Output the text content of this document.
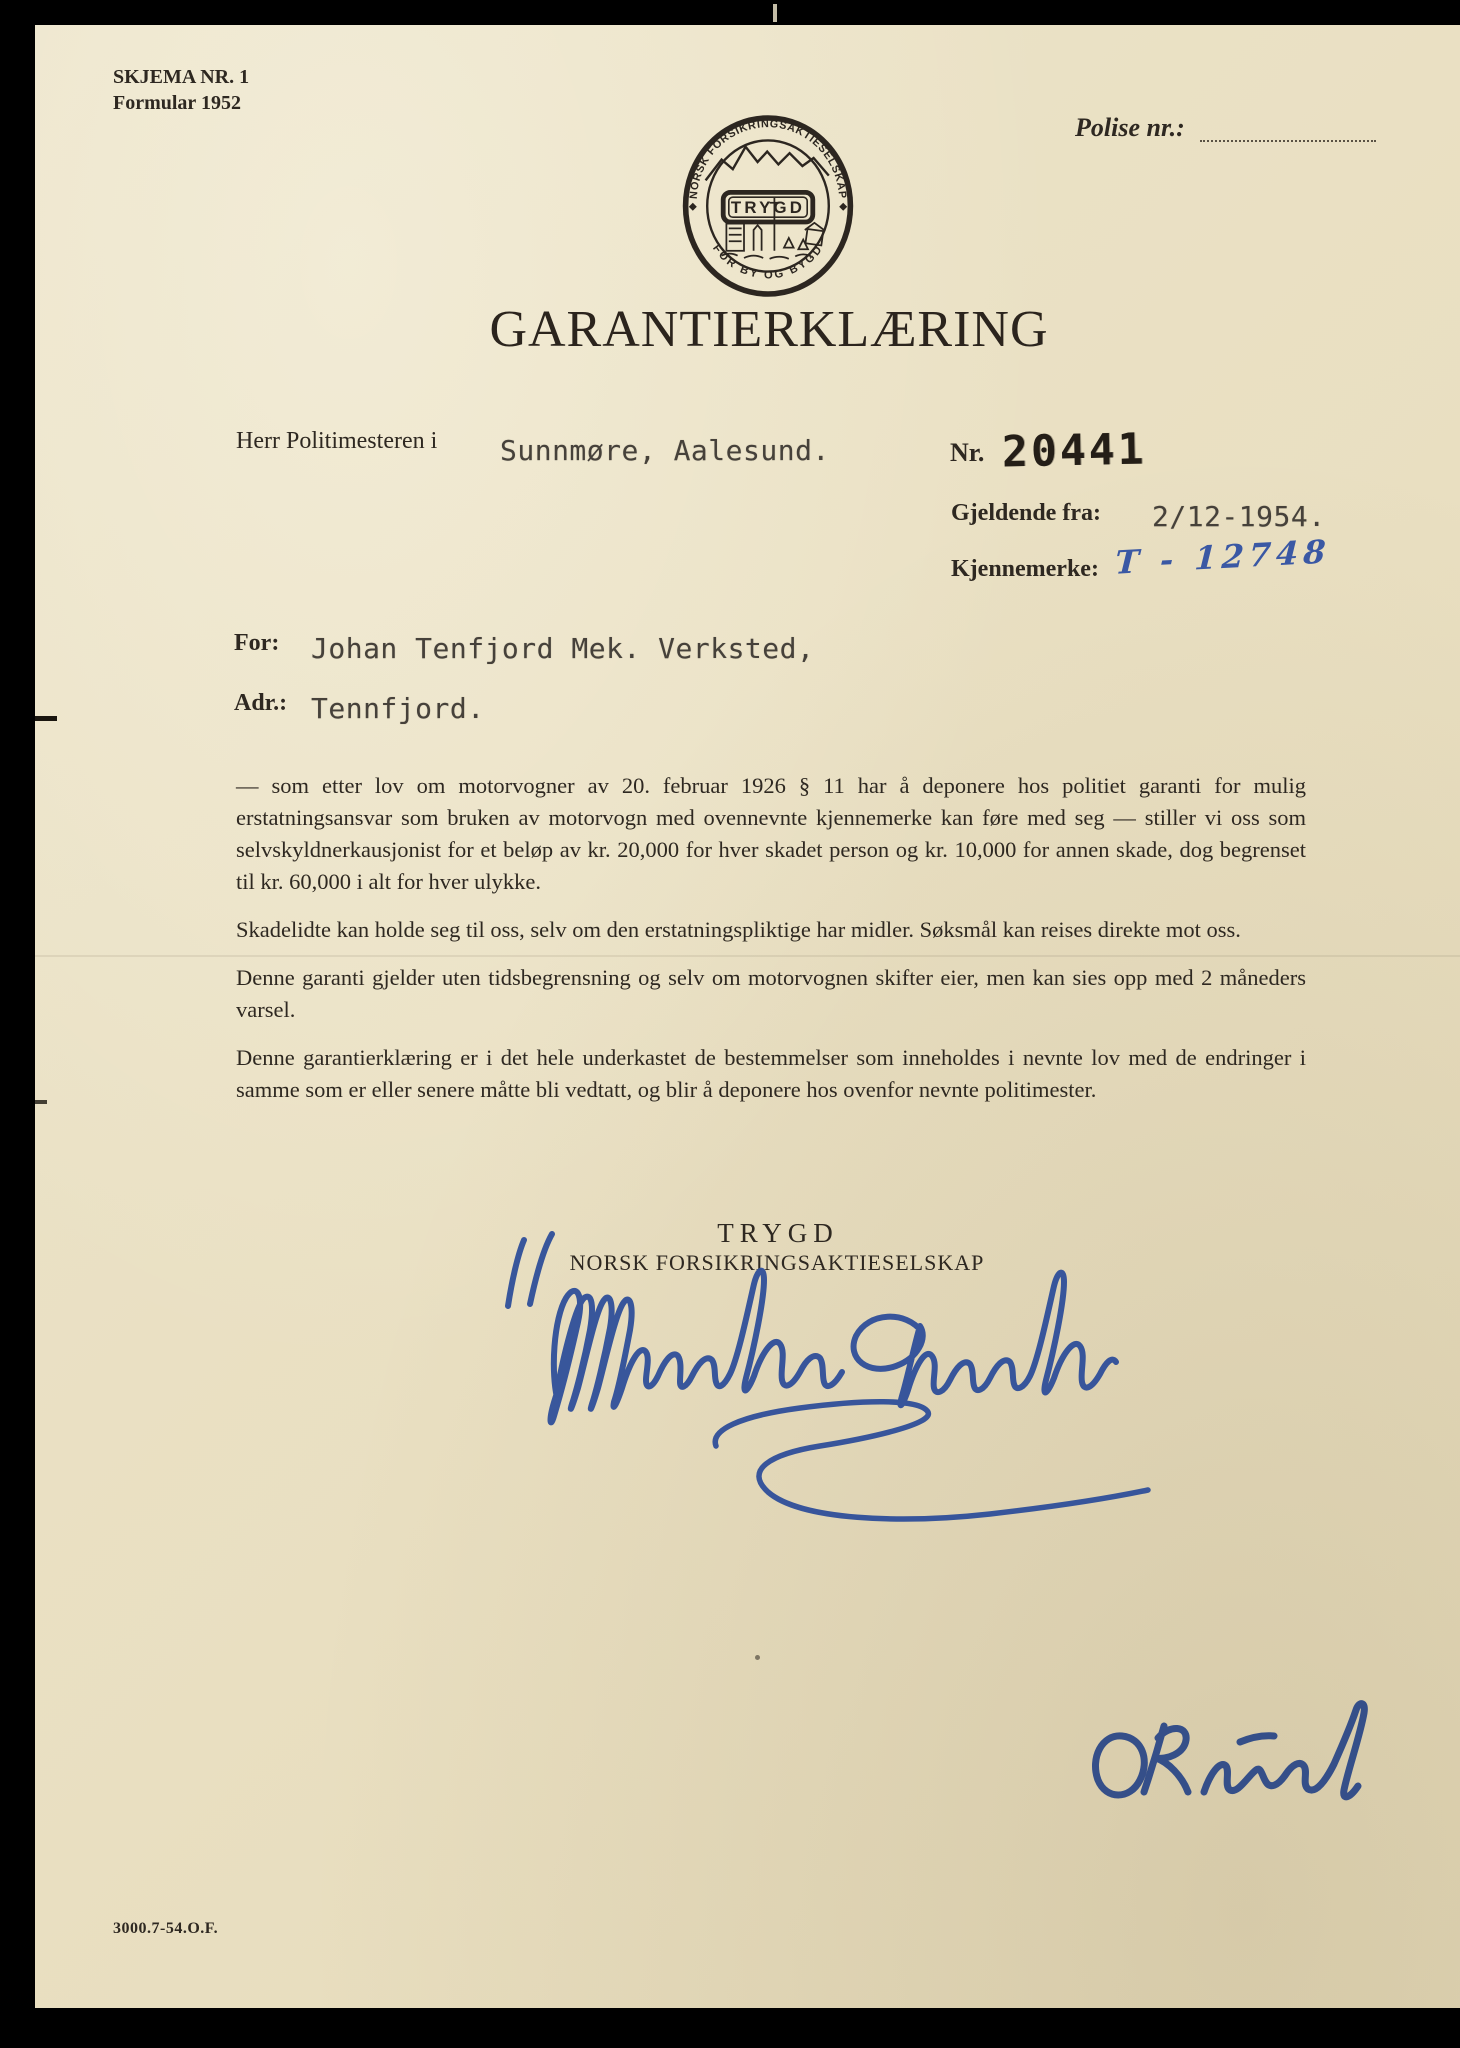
SKJEMA NR. 1
Formular 1952
Polise nr.:
NORSK FORSIKRINGSAKTIESELSKAP
FOR BY OG BYGD
TRYGD
GARANTIERKLÆRING
Herr Politimesteren i Sunnmøre, Aalesund.	Nr. 20441
Gjeldende fra: 2/12-1954.
Kjennemerke: T - 12748
For: Johan Tenfjord Mek. Verksted,
Adr.: Tennfjord.

— som etter lov om motorvogner av 20. februar 1926 § 11 har å deponere hos politiet garanti for mulig erstatningsansvar som bruken av motorvogn med ovennevnte kjennemerke kan føre med seg — stiller vi oss som selvskyldnerkausjonist for et beløp av kr. 20,000 for hver skadet person og kr. 10,000 for annen skade, dog begrenset til kr. 60,000 i alt for hver ulykke.

Skadelidte kan holde seg til oss, selv om den erstatningspliktige har midler. Søksmål kan reises direkte mot oss.

Denne garanti gjelder uten tidsbegrensning og selv om motorvognen skifter eier, men kan sies opp med 2 måneders varsel.

Denne garantierklæring er i det hele underkastet de bestemmelser som inneholdes i nevnte lov med de endringer i samme som er eller senere måtte bli vedtatt, og blir å deponere hos ovenfor nevnte politimester.

TRYGD
NORSK FORSIKRINGSAKTIESELSKAP
3000.7-54.O.F.
